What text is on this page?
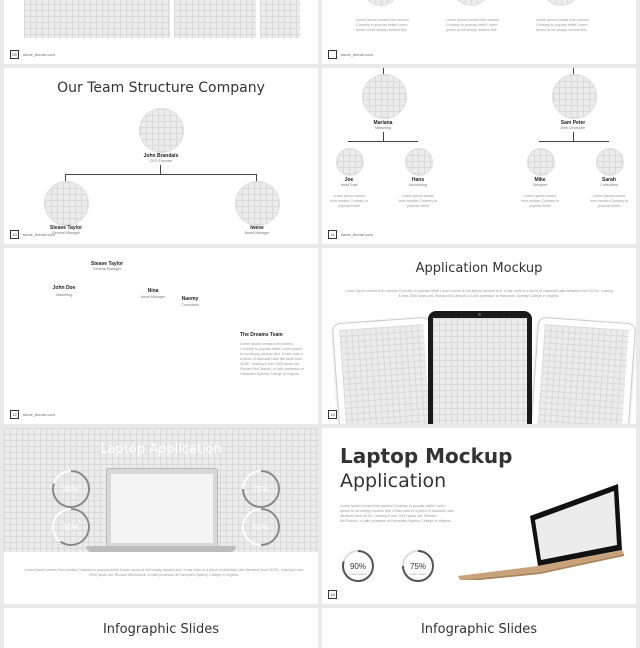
09	some_theme.com
Lorem ipsum comes from section Contrary to popular belief Lorem Ipsum is not simply random text
Lorem ipsum comes from section Contrary to popular belief Lorem Ipsum is not simply random text
Lorem ipsum comes from section Contrary to popular belief Lorem Ipsum is not simply random text
some_theme.com
Our Team Structure Company
John Brandals
CEO Founder
Steave Taylor
General Manager
Iwese
Brand Manager
10	some_theme.com
Mariana
Marketing
Sam Peter
Web Developer
Joe
Head Sale
Lorem ipsum comes from section Contrary to popular belief
Hans
Accounting
Lorem ipsum comes from section Contrary to popular belief
Mike
Designer
Lorem ipsum comes from section Contrary to popular belief
Sarah
Consultant
Lorem ipsum comes from section Contrary to popular belief
11	some_theme.com
Steave Taylor
General Manager
John Doe
Marketing
Nina
Asset Manager	Naomy
Consultant
The Dreams Team
Lorem ipsum comes from section Contrary to popular belief Lorem Ipsum is not simply random text. It has roots in a piece of classical Latin literature from 45 BC, making it over 2000 years old. Richard McClintock, a Latin professor at Hampden-Sydney College in Virginia.
12	some_theme.com
Application Mockup
Lorem ipsum comes from section Contrary to popular belief Lorem Ipsum is not simply random text. It has roots in a piece of classical Latin literature from 45 BC, making it over 2000 years old. Richard McClintock, a Latin professor at Hampden-Sydney College in Virginia.
13
Laptop Application
90%	75%
60%	50%
Lorem ipsum comes from section Contrary to popular belief Lorem Ipsum is not simply random text. It has roots in a piece of classical Latin literature from 45 BC, making it over 2000 years old. Richard McClintock, a Latin professor at Hampden-Sydney College in Virginia.
Laptop Mockup
Application
Lorem ipsum comes from section Contrary to popular belief Lorem Ipsum is not simply random text. It has roots in a piece of classical Latin literature from 45 BC, making it over 2000 years old. Richard McClintock, a Latin professor at Hampden-Sydney College in Virginia.
90%
Lorem ipsum
75%
Lorem ipsum
15
Infographic Slides	Infographic Slides
